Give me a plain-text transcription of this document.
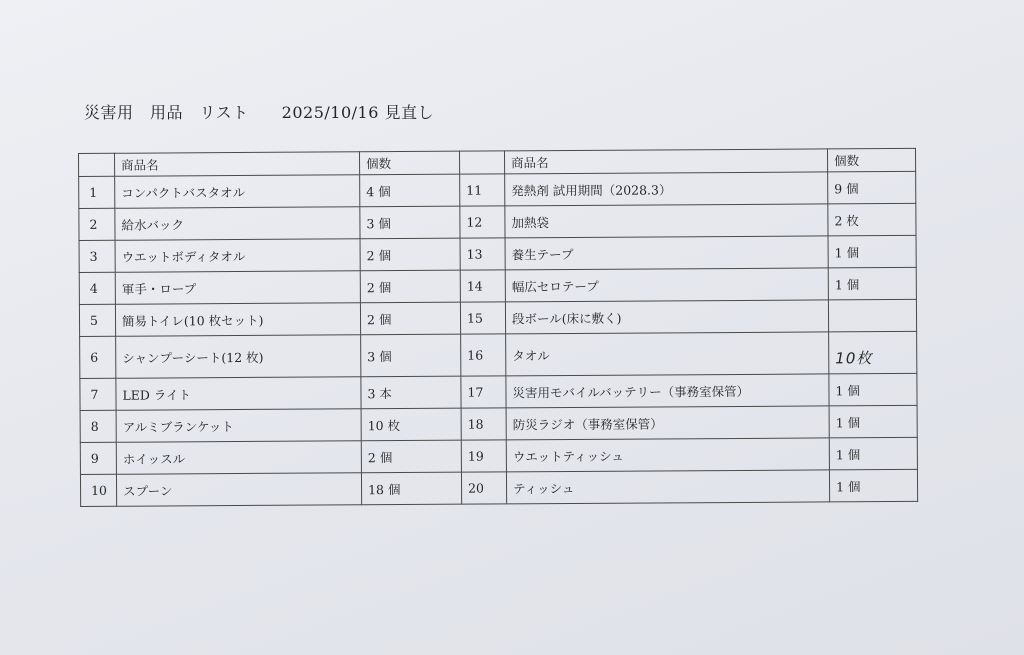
災害用　用品　リスト　　2025/10/16 見直し
	商品名	個数		商品名	個数
1	コンパクトバスタオル	4 個	11	発熱剤 試用期間（2028.3）	9 個
2	給水バック	3 個	12	加熱袋	2 枚
3	ウエットボディタオル	2 個	13	養生テープ	1 個
4	軍手・ロープ	2 個	14	幅広セロテープ	1 個
5	簡易トイレ(10 枚セット)	2 個	15	段ボール(床に敷く)	
6	シャンプーシート(12 枚)	3 個	16	タオル	10枚
7	LED ライト	3 本	17	災害用モバイルバッテリー（事務室保管）	1 個
8	アルミブランケット	10 枚	18	防災ラジオ（事務室保管）	1 個
9	ホイッスル	2 個	19	ウエットティッシュ	1 個
10	スプーン	18 個	20	ティッシュ	1 個
